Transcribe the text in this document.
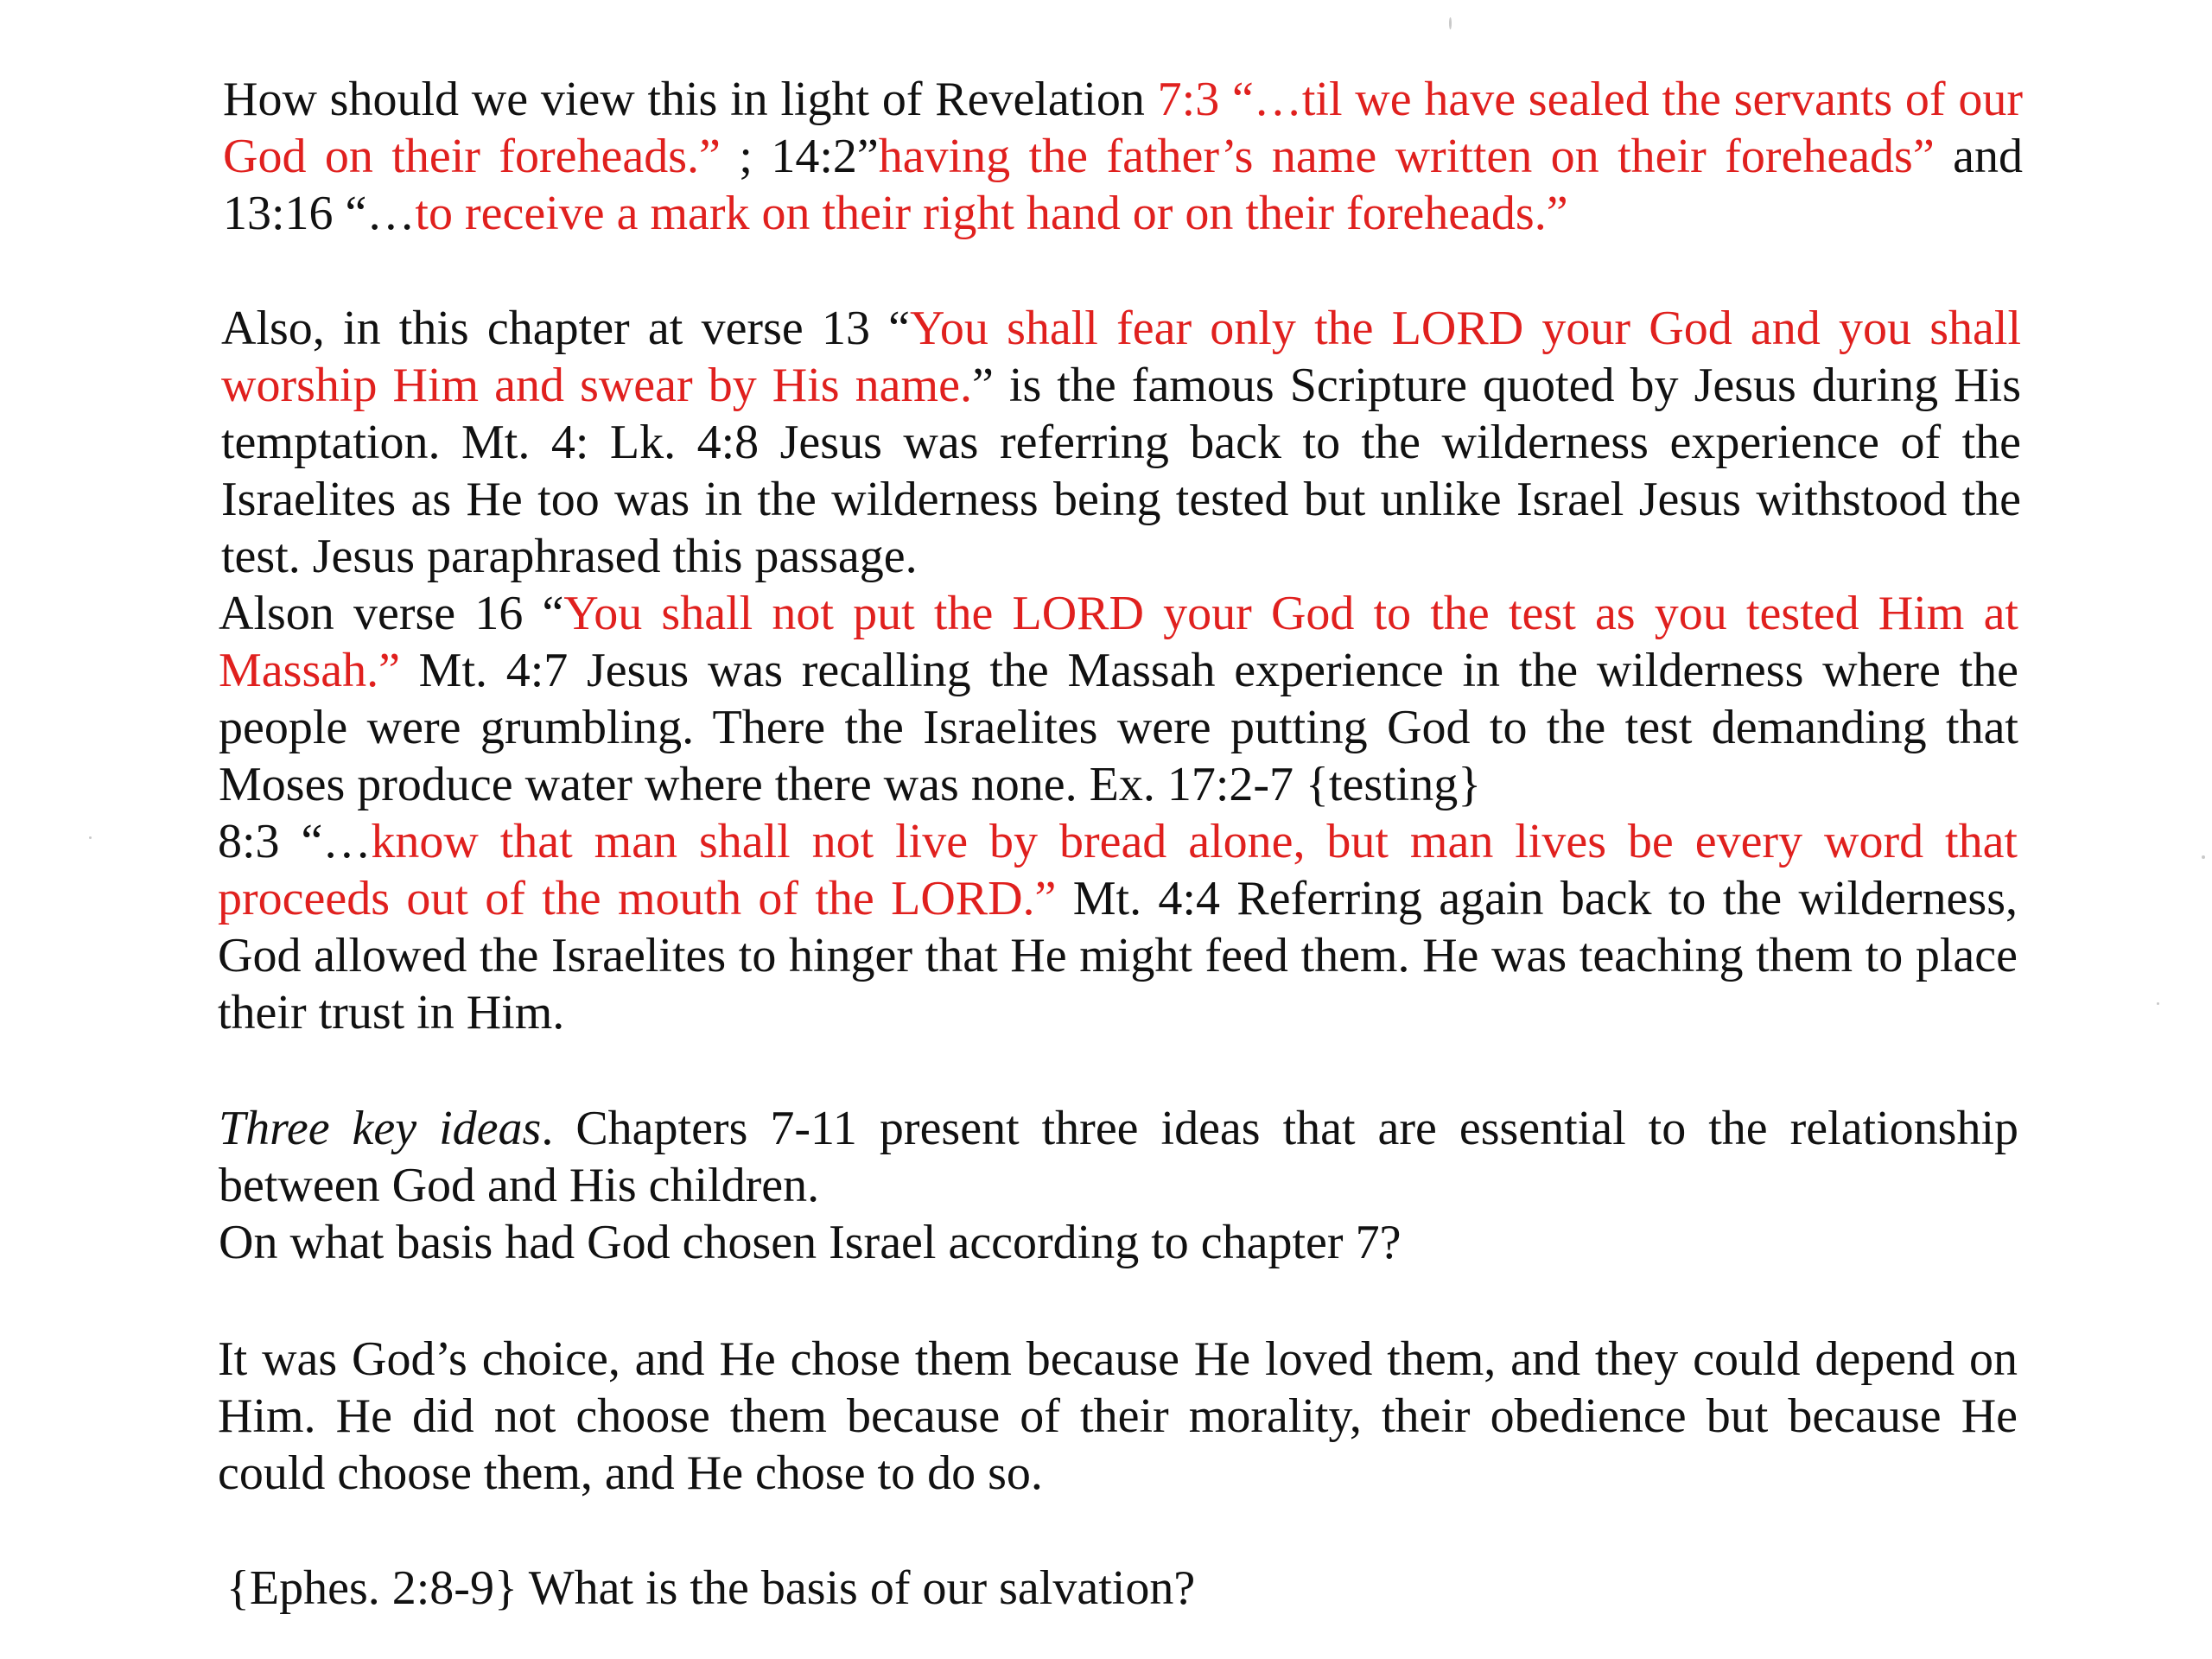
How should we view this in light of Revelation 7:3 “…til we have sealed the servants of our God on their foreheads.” ; 14:2”having the father’s name written on their foreheads” and 13:16 “…to receive a mark on their right hand or on their foreheads.”

Also, in this chapter at verse 13 “You shall fear only the LORD your God and you shall worship Him and swear by His name.” is the famous Scripture quoted by Jesus during His temptation. Mt. 4: Lk. 4:8 Jesus was referring back to the wilderness experience of the Israelites as He too was in the wilderness being tested but unlike Israel Jesus withstood the test. Jesus paraphrased this passage.

Alson verse 16 “You shall not put the LORD your God to the test as you tested Him at Massah.” Mt. 4:7 Jesus was recalling the Massah experience in the wilderness where the people were grumbling. There the Israelites were putting God to the test demanding that Moses produce water where there was none. Ex. 17:2-7 {testing}

8:3 “…know that man shall not live by bread alone, but man lives be every word that proceeds out of the mouth of the LORD.” Mt. 4:4 Referring again back to the wilderness, God allowed the Israelites to hinger that He might feed them. He was teaching them to place their trust in Him.

Three key ideas. Chapters 7-11 present three ideas that are essential to the relationship between God and His children.

On what basis had God chosen Israel according to chapter 7?

It was God’s choice, and He chose them because He loved them, and they could depend on Him. He did not choose them because of their morality, their obedience but because He could choose them, and He chose to do so.

{Ephes. 2:8-9} What is the basis of our salvation?
